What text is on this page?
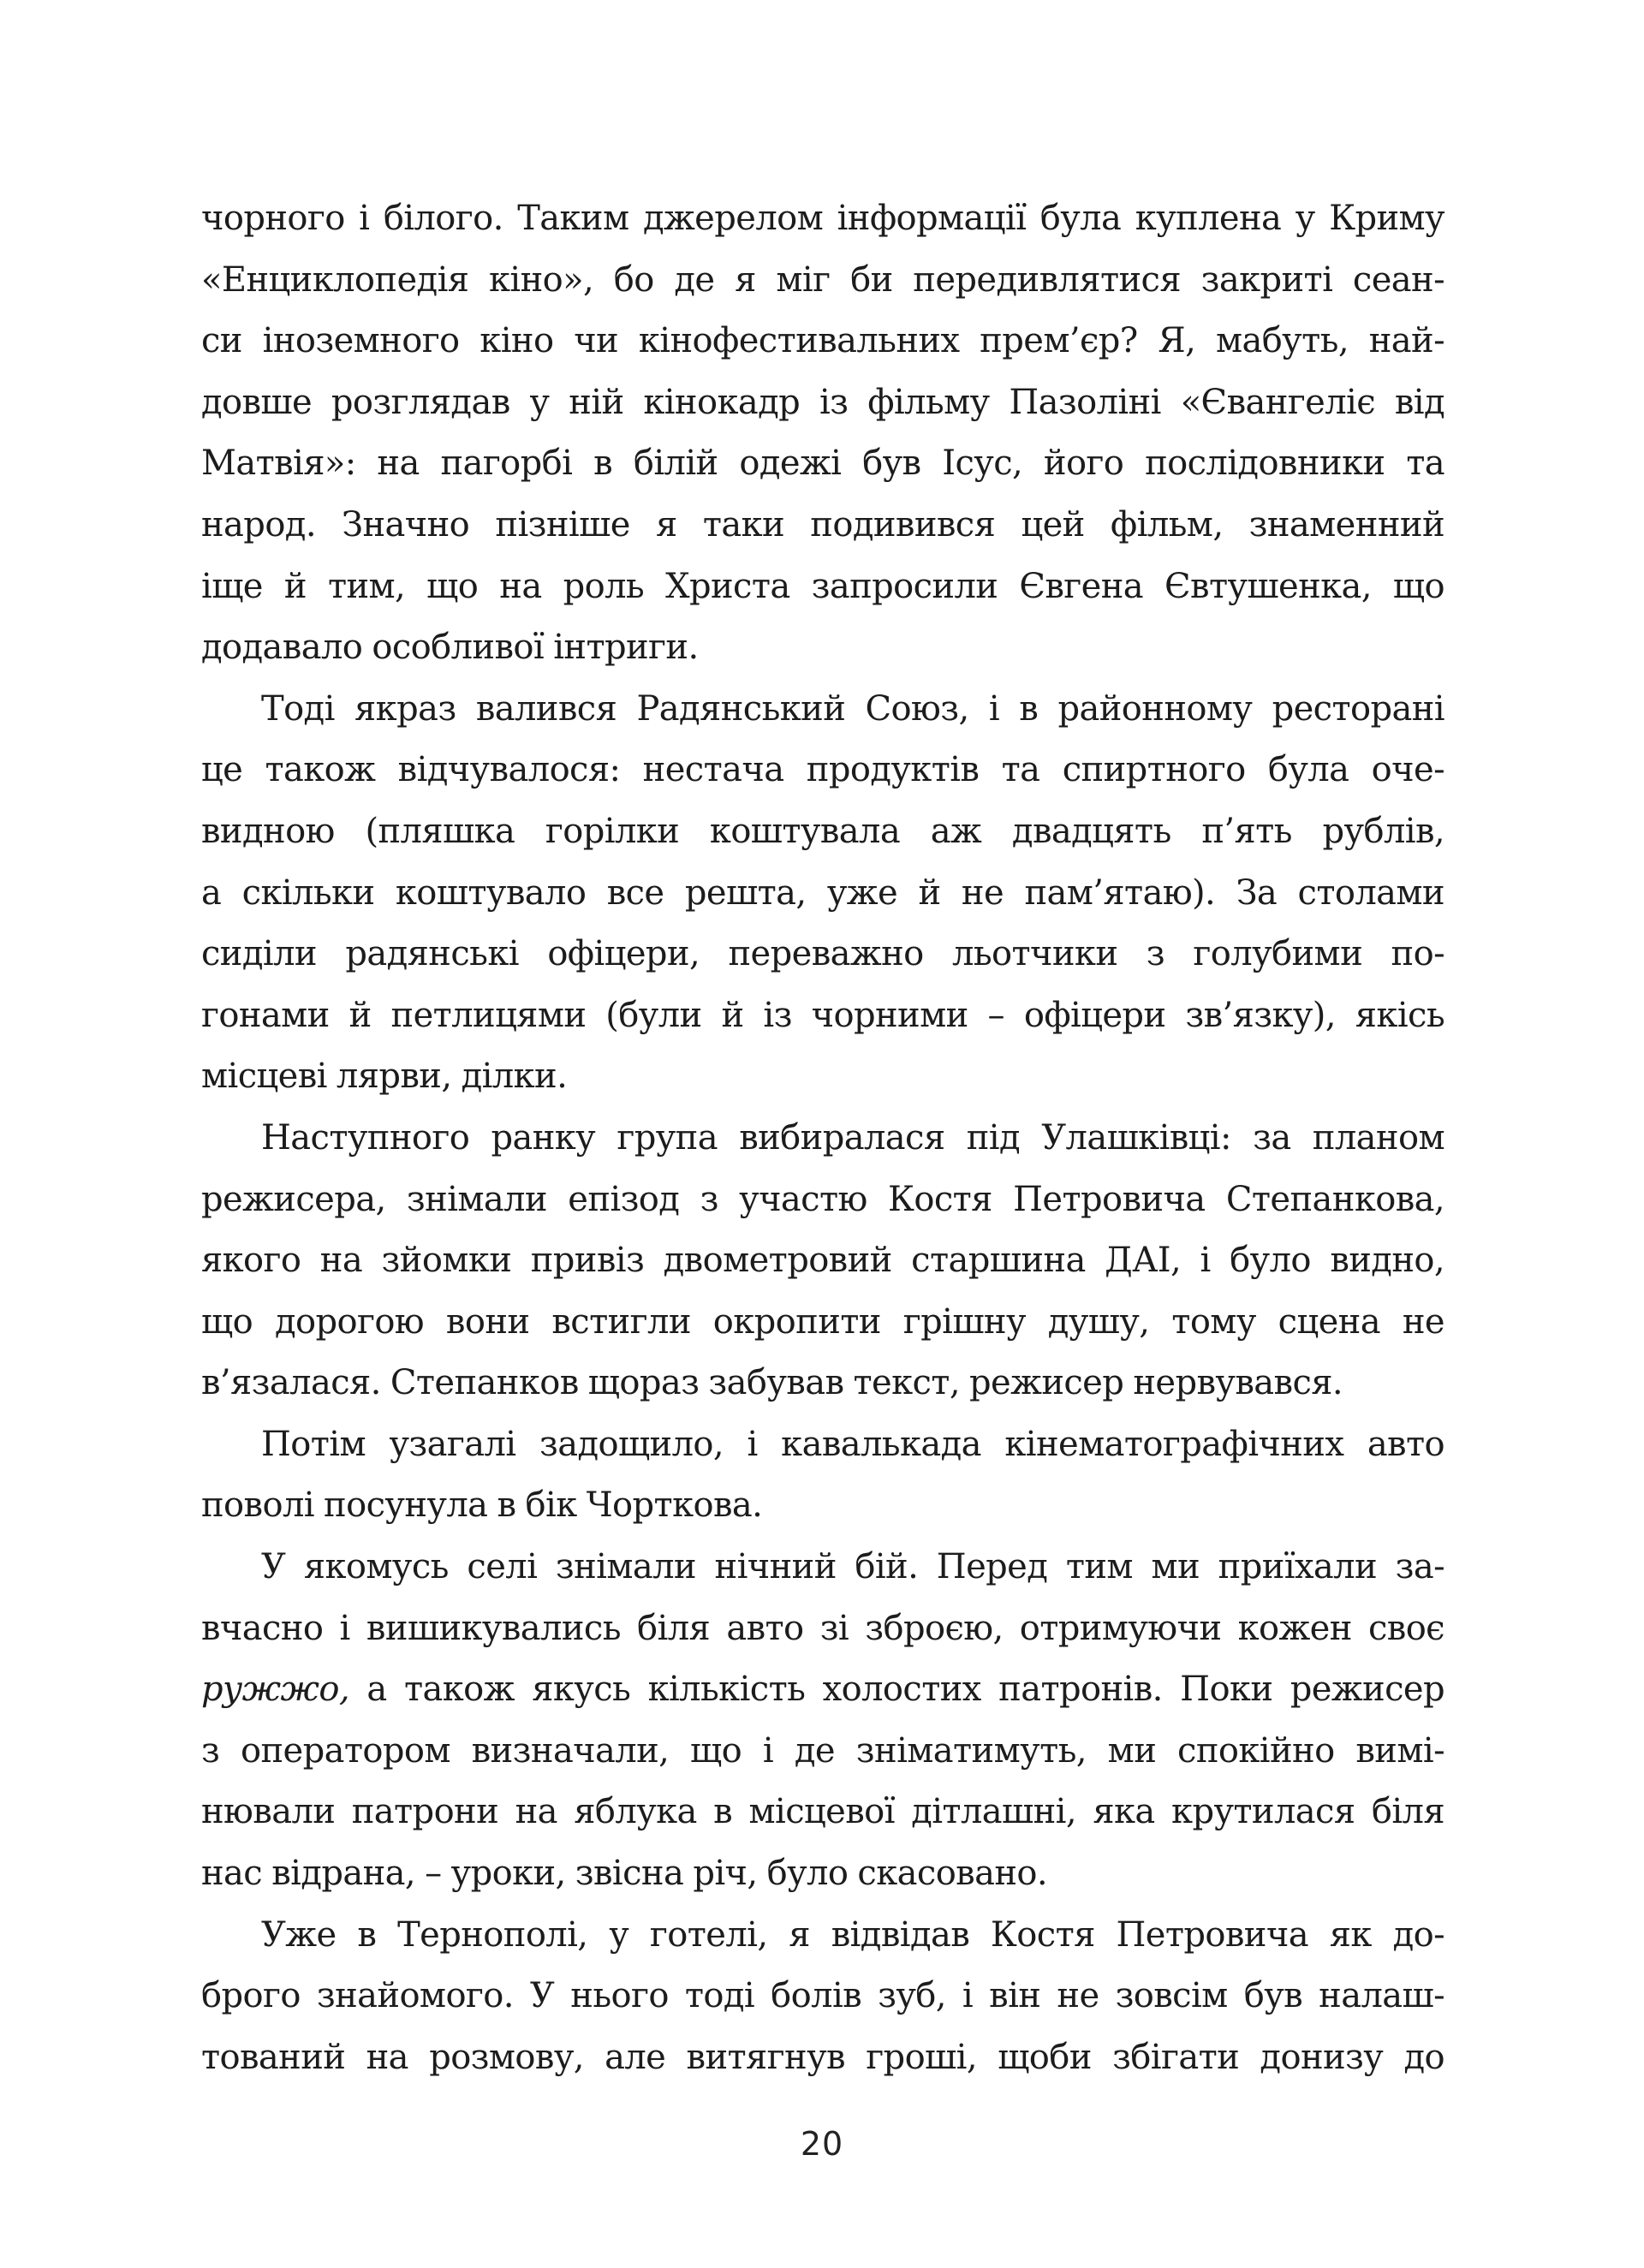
чорного і білого. Таким джерелом інформації була куплена у Криму
«Енциклопедія кіно», бо де я міг би передивлятися закриті сеан-
си іноземного кіно чи кінофестивальних прем’єр? Я, мабуть, най-
довше розглядав у ній кінокадр із фільму Пазоліні «Євангеліє від
Матвія»: на пагорбі в білій одежі був Ісус, його послідовники та
народ. Значно пізніше я таки подивився цей фільм, знаменний
іще й тим, що на роль Христа запросили Євгена Євтушенка, що
додавало особливої інтриги.
Тоді якраз валився Радянський Союз, і в районному ресторані
це також відчувалося: нестача продуктів та спиртного була оче-
видною (пляшка горілки коштувала аж двадцять п’ять рублів,
а скільки коштувало все решта, уже й не пам’ятаю). За столами
сиділи радянські офіцери, переважно льотчики з голубими по-
гонами й петлицями (були й із чорними – офіцери зв’язку), якісь
місцеві лярви, ділки.
Наступного ранку група вибиралася під Улашківці: за планом
режисера, знімали епізод з участю Костя Петровича Степанкова,
якого на зйомки привіз двометровий старшина ДАІ, і було видно,
що дорогою вони встигли окропити грішну душу, тому сцена не
в’язалася. Степанков щораз забував текст, режисер нервувався.
Потім узагалі задощило, і кавалькада кінематографічних авто
поволі посунула в бік Чорткова.
У якомусь селі знімали нічний бій. Перед тим ми приїхали за-
вчасно і вишикувались біля авто зі зброєю, отримуючи кожен своє
ружжо, а також якусь кількість холостих патронів. Поки режисер
з оператором визначали, що і де зніматимуть, ми спокійно вимі-
нювали патрони на яблука в місцевої дітлашні, яка крутилася біля
нас відрана, – уроки, звісна річ, було скасовано.
Уже в Тернополі, у готелі, я відвідав Костя Петровича як до-
брого знайомого. У нього тоді болів зуб, і він не зовсім був налаш-
тований на розмову, але витягнув гроші, щоби збігати донизу до
20
